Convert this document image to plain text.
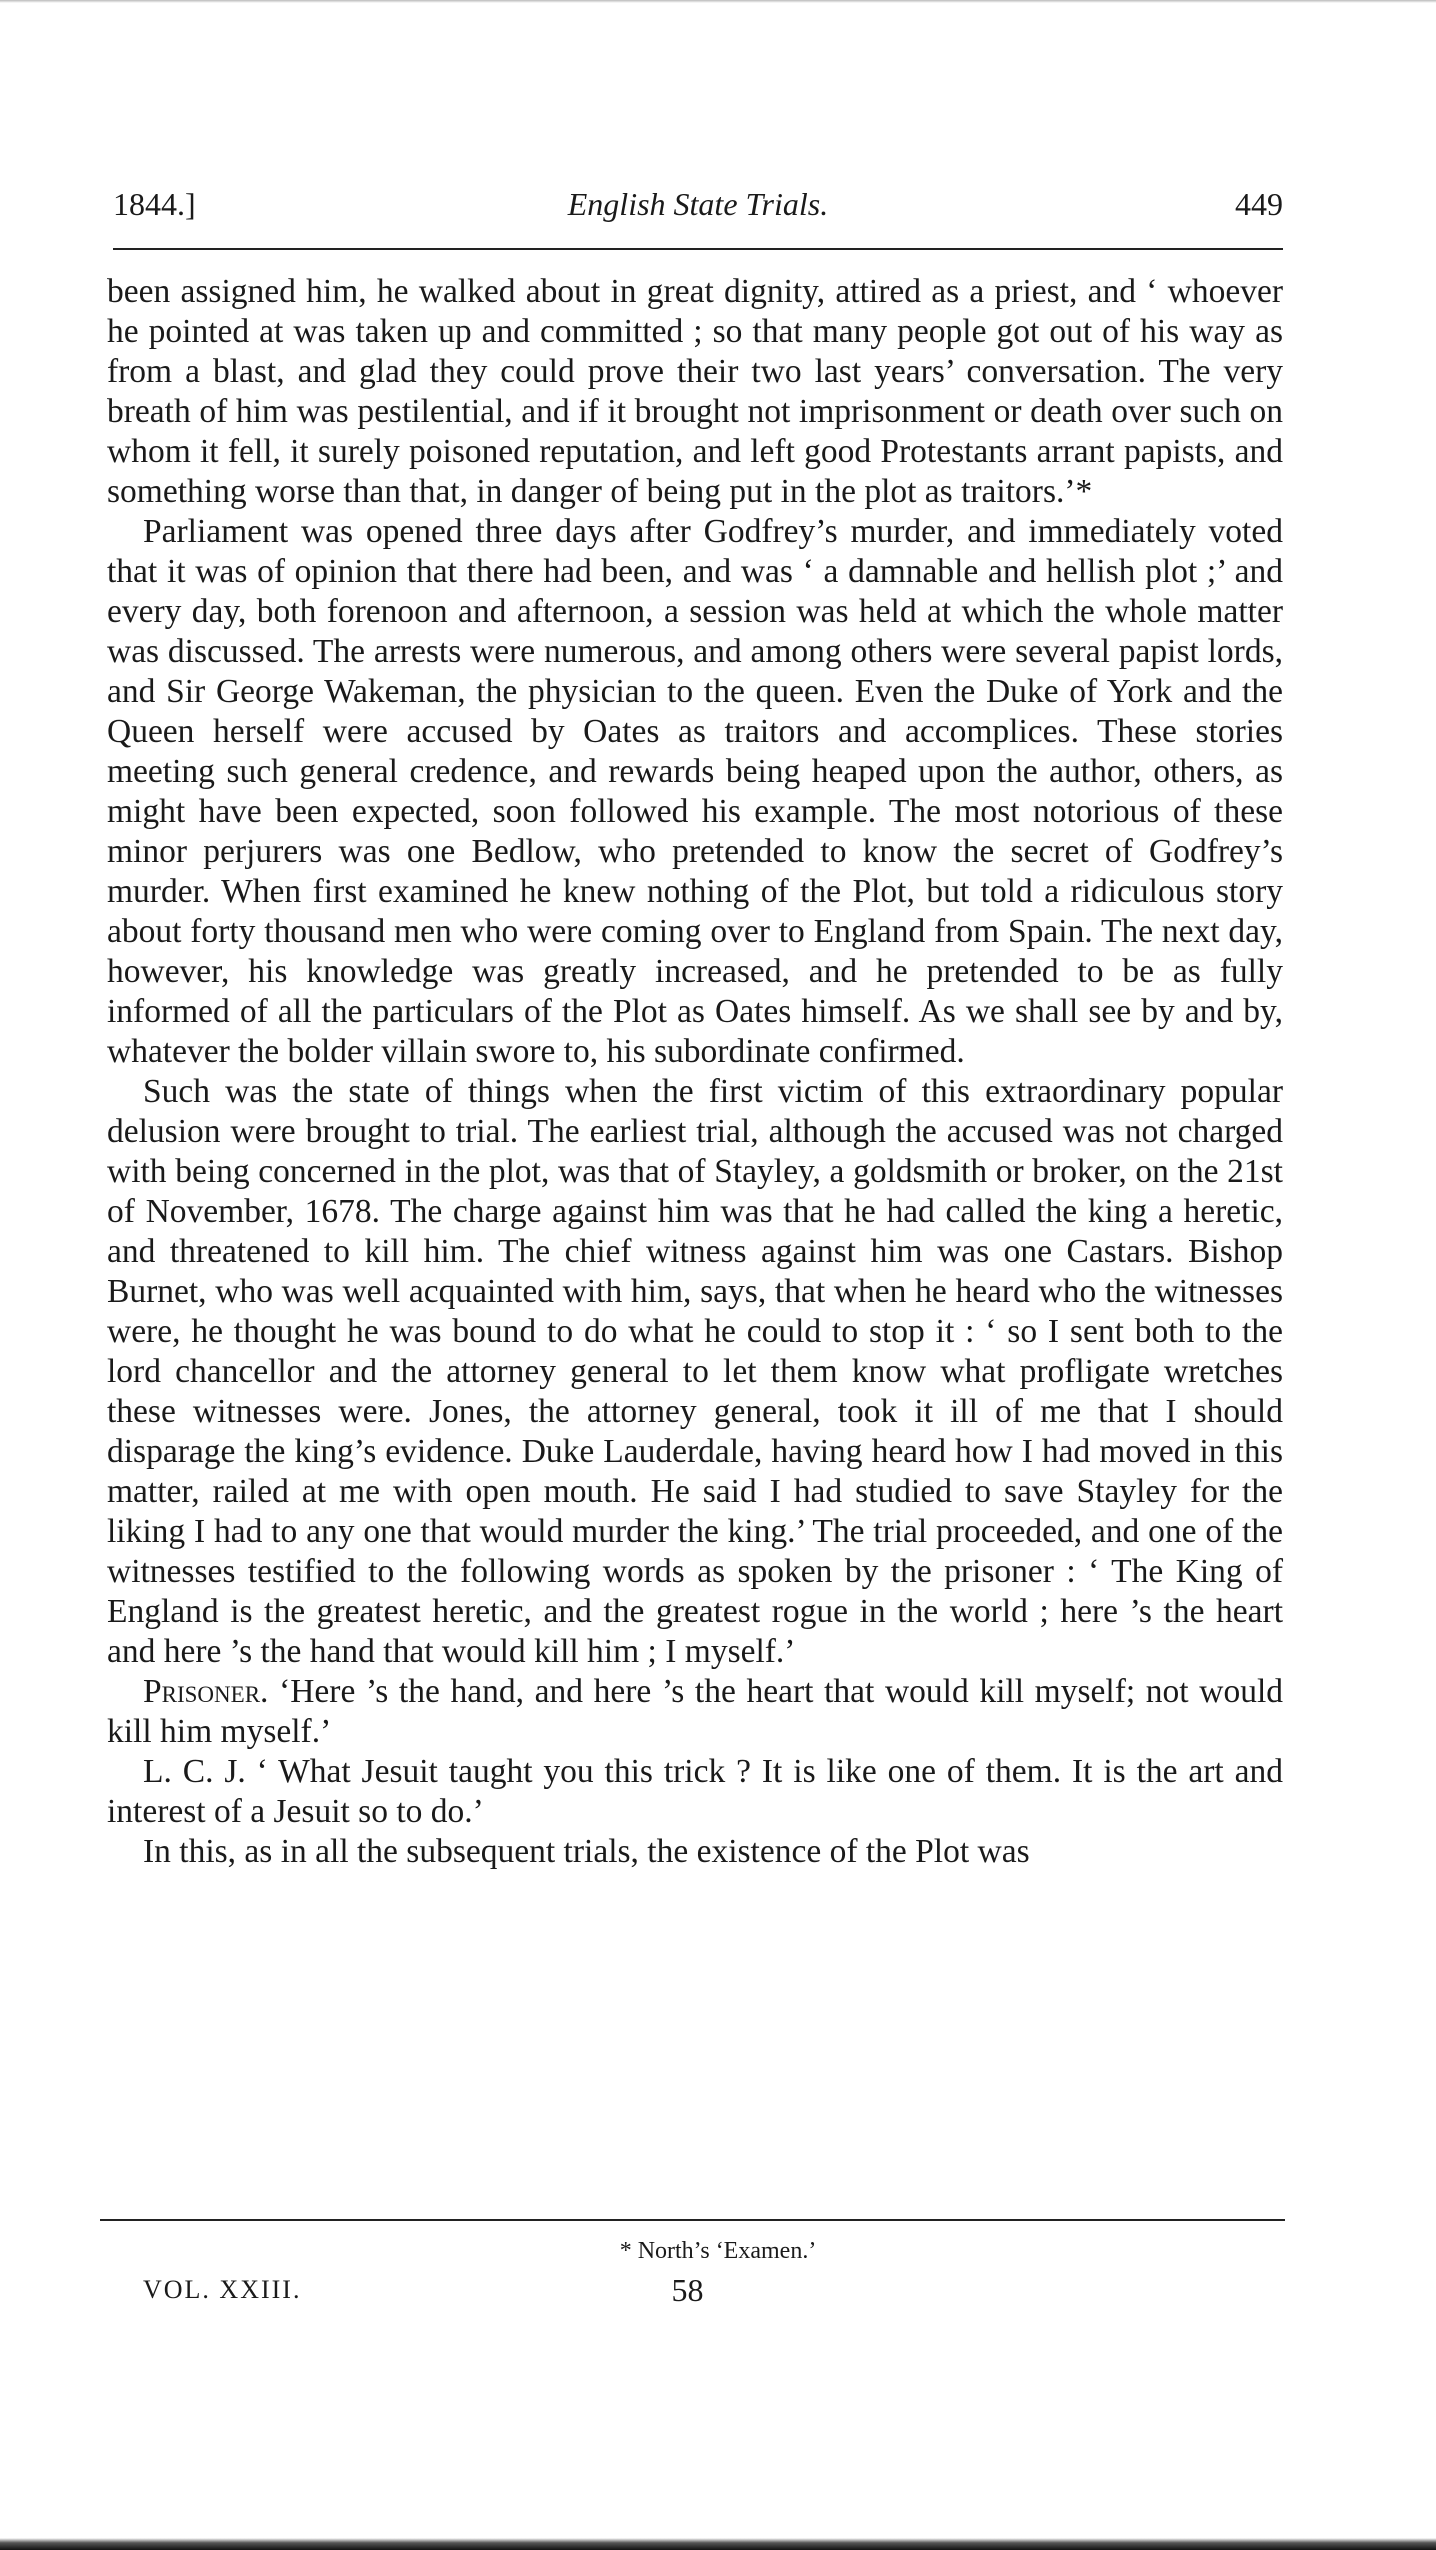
1844.]	English State Trials.	449

been assigned him, he walked about in great dignity, attired as a priest, and ‘ whoever he pointed at was taken up and committed ; so that many people got out of his way as from a blast, and glad they could prove their two last years’ conversation. The very breath of him was pestilential, and if it brought not imprisonment or death over such on whom it fell, it surely poisoned reputation, and left good Protestants arrant papists, and something worse than that, in danger of being put in the plot as traitors.’*

Parliament was opened three days after Godfrey’s murder, and immediately voted that it was of opinion that there had been, and was ‘ a damnable and hellish plot ;’ and every day, both forenoon and afternoon, a session was held at which the whole matter was discussed. The arrests were numerous, and among others were several papist lords, and Sir George Wakeman, the physician to the queen. Even the Duke of York and the Queen herself were accused by Oates as traitors and accomplices. These stories meeting such general credence, and rewards being heaped upon the author, others, as might have been expected, soon followed his example. The most notorious of these minor perjurers was one Bedlow, who pretended to know the secret of Godfrey’s murder. When first examined he knew nothing of the Plot, but told a ridiculous story about forty thousand men who were coming over to England from Spain. The next day, however, his knowledge was greatly increased, and he pretended to be as fully informed of all the particulars of the Plot as Oates himself. As we shall see by and by, whatever the bolder villain swore to, his subordinate confirmed.

Such was the state of things when the first victim of this extraordinary popular delusion were brought to trial. The earliest trial, although the accused was not charged with being concerned in the plot, was that of Stayley, a goldsmith or broker, on the 21st of November, 1678. The charge against him was that he had called the king a heretic, and threatened to kill him. The chief witness against him was one Castars. Bishop Burnet, who was well acquainted with him, says, that when he heard who the witnesses were, he thought he was bound to do what he could to stop it : ‘ so I sent both to the lord chancellor and the attorney general to let them know what profligate wretches these witnesses were. Jones, the attorney general, took it ill of me that I should disparage the king’s evidence. Duke Lauderdale, having heard how I had moved in this matter, railed at me with open mouth. He said I had studied to save Stayley for the liking I had to any one that would murder the king.’ The trial proceeded, and one of the witnesses testified to the following words as spoken by the prisoner : ‘ The King of England is the greatest heretic, and the greatest rogue in the world ; here ’s the heart and here ’s the hand that would kill him ; I myself.’

Prisoner. ‘Here ’s the hand, and here ’s the heart that would kill myself; not would kill him myself.’

L. C. J. ‘ What Jesuit taught you this trick ? It is like one of them. It is the art and interest of a Jesuit so to do.’

In this, as in all the subsequent trials, the existence of the Plot was

* North’s ‘Examen.’
VOL. XXIII.	58
